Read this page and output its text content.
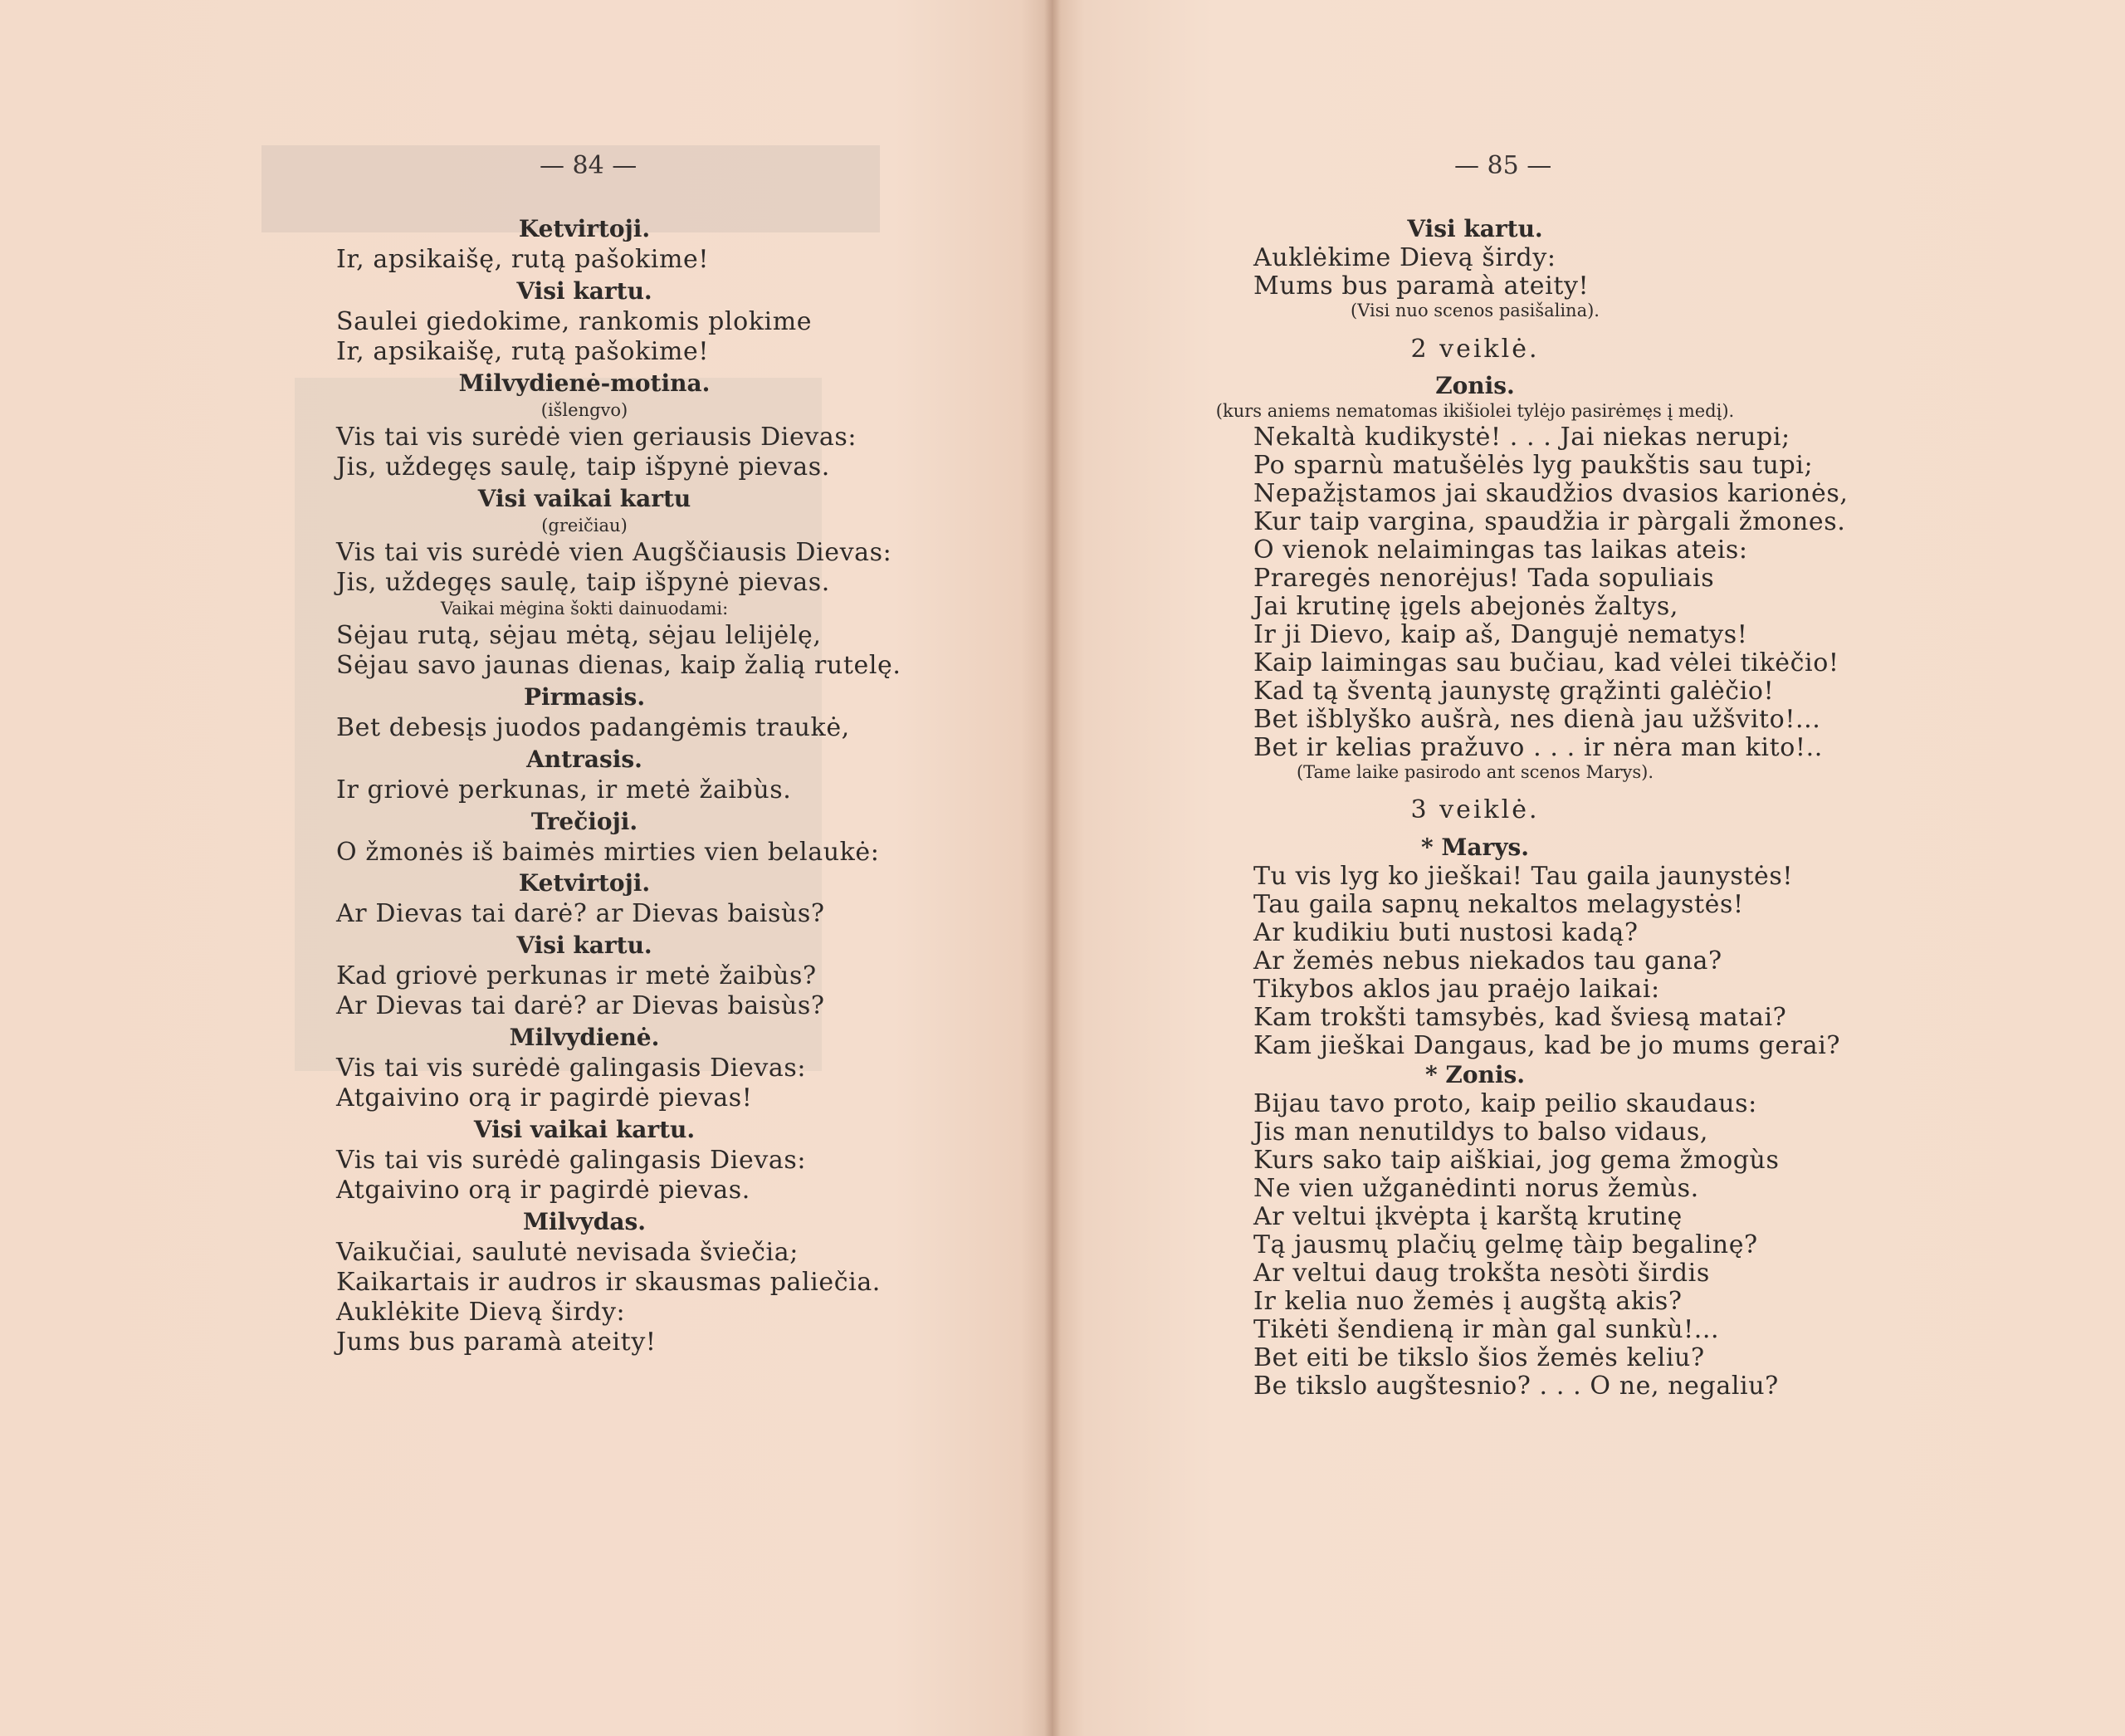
— 84 —	— 85 —
Ketvirtoji.
Ir, apsikaišę, rutą pašokime!
Visi kartu.
Saulei giedokime, rankomis plokime
Ir, apsikaišę, rutą pašokime!
Milvydienė-motina.
(išlengvo)
Vis tai vis surėdė vien geriausis Dievas:
Jis, uždegęs saulę, taip išpynė pievas.
Visi vaikai kartu
(greičiau)
Vis tai vis surėdė vien Augščiausis Dievas:
Jis, uždegęs saulę, taip išpynė pievas.
Vaikai mėgina šokti dainuodami:
Sėjau rutą, sėjau mėtą, sėjau lelijėlę,
Sėjau savo jaunas dienas, kaip žalią rutelę.
Pirmasis.
Bet debesįs juodos padangėmis traukė,
Antrasis.
Ir griovė perkunas, ir metė žaibùs.
Trečioji.
O žmonės iš baimės mirties vien belaukė:
Ketvirtoji.
Ar Dievas tai darė? ar Dievas baisùs?
Visi kartu.
Kad griovė perkunas ir metė žaibùs?
Ar Dievas tai darė? ar Dievas baisùs?
Milvydienė.
Vis tai vis surėdė galingasis Dievas:
Atgaivino orą ir pagirdė pievas!
Visi vaikai kartu.
Vis tai vis surėdė galingasis Dievas:
Atgaivino orą ir pagirdė pievas.
Milvydas.
Vaikučiai, saulutė nevisada šviečia;
Kaikartais ir audros ir skausmas paliečia.
Auklėkite Dievą širdy:
Jums bus paramà ateity!
Visi kartu.
Auklėkime Dievą širdy:
Mums bus paramà ateity!
(Visi nuo scenos pasišalina).
2 veiklė.
Zonis.
(kurs aniems nematomas ikišiolei tylėjo pasirėmęs į medį).
Nekaltà kudikystė! . . . Jai niekas nerupi;
Po sparnù matušėlės lyg paukštis sau tupi;
Nepažįstamos jai skaudžios dvasios karionės,
Kur taip vargina, spaudžia ir pàrgali žmones.
O vienok nelaimingas tas laikas ateis:
Praregės nenorėjus! Tada sopuliais
Jai krutinę įgels abejonės žaltys,
Ir ji Dievo, kaip aš, Dangujė nematys!
Kaip laimingas sau bučiau, kad vėlei tikėčio!
Kad tą šventą jaunystę grąžinti galėčio!
Bet išblyško aušrà, nes dienà jau užšvito!...
Bet ir kelias pražuvo . . . ir nėra man kito!..
(Tame laike pasirodo ant scenos Marys).
3 veiklė.
* Marys.
Tu vis lyg ko jieškai! Tau gaila jaunystės!
Tau gaila sapnų nekaltos melagystės!
Ar kudikiu buti nustosi kadą?
Ar žemės nebus niekados tau gana?
Tikybos aklos jau praėjo laikai:
Kam trokšti tamsybės, kad šviesą matai?
Kam jieškai Dangaus, kad be jo mums gerai?
* Zonis.
Bijau tavo proto, kaip peilio skaudaus:
Jis man nenutildys to balso vidaus,
Kurs sako taip aiškiai, jog gema žmogùs
Ne vien užganėdinti norus žemùs.
Ar veltui įkvėpta į karštą krutinę
Tą jausmų plačių gelmę tàip begalinę?
Ar veltui daug trokšta nesòti širdis
Ir kelia nuo žemės į augštą akis?
Tikėti šendieną ir màn gal sunkù!...
Bet eiti be tikslo šios žemės keliu?
Be tikslo augštesnio? . . . O ne, negaliu?
